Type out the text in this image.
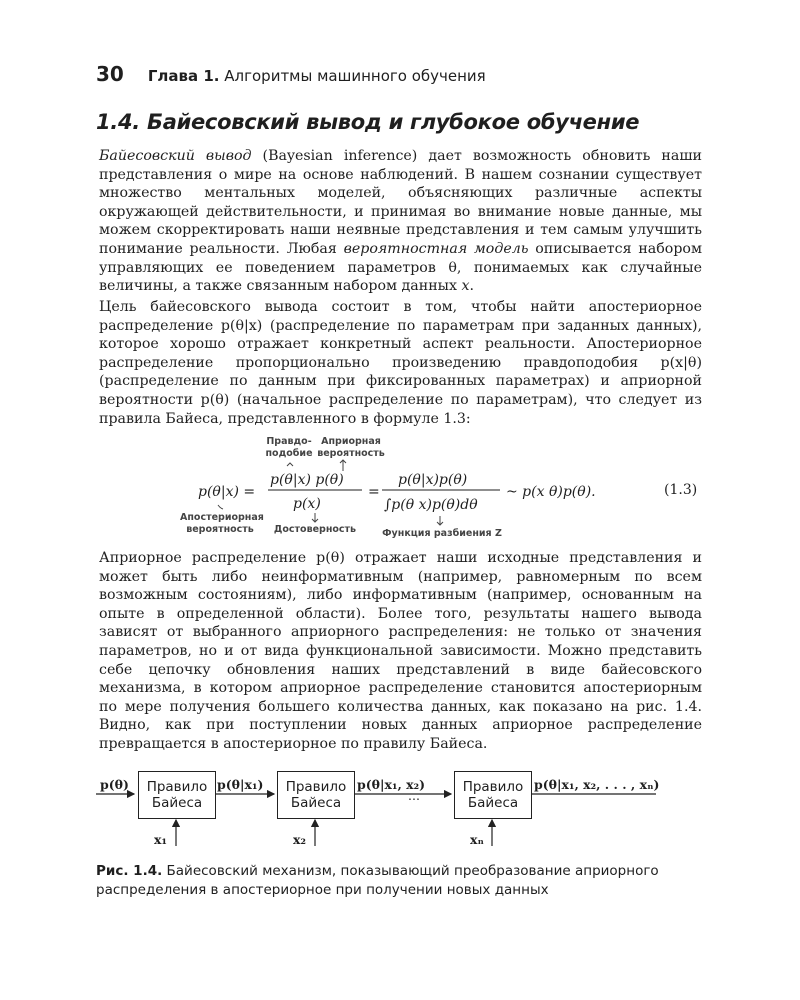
30 Глава 1. Алгоритмы машинного обучения
1.4. Байесовский вывод и глубокое обучение

Байесовский вывод (Bayesian inference) дает возможность обновить наши представления о мире на основе наблюдений. В нашем сознании существует множество ментальных моделей, объясняющих различные аспекты окружающей действительности, и принимая во внимание новые данные, мы можем скорректировать наши неявные представления и тем самым улучшить понимание реальности. Любая вероятностная модель описывается набором управляющих ее поведением параметров θ, понимаемых как случайные величины, а также связанным набором данных x.

Цель байесовского вывода состоит в том, чтобы найти апостериорное распределение p(θ|x) (распределение по параметрам при заданных данных), которое хорошо отражает конкретный аспект реальности. Апостериорное распределение пропорционально произведению правдоподобия p(x|θ) (распределение по данным при фиксированных параметрах) и априорной вероятности p(θ) (начальное распределение по параметрам), что следует из правила Байеса, представленного в формуле 1.3:

p(θ|x) =
p(θ|x) p(θ)
p(x)
=
p(θ|x)p(θ)
∫p(θ x)p(θ)dθ
~ p(x θ)p(θ).	(1.3)
Правдо-
подобие
Априорная
вероятность
Апостериорная
вероятность	Достоверность	Функция разбиения Z

Априорное распределение p(θ) отражает наши исходные представления и может быть либо неинформативным (например, равномерным по всем возможным состояниям), либо информативным (например, основанным на опыте в определенной области). Более того, результаты нашего вывода зависят от выбранного априорного распределения: не только от значения параметров, но и от вида функциональной зависимости. Можно представить себе цепочку обновления наших представлений в виде байесовского механизма, в котором априорное распределение становится апостериорным по мере получения большего количества данных, как показано на рис. 1.4. Видно, как при поступлении новых данных априорное распределение превращается в апостериорное по правилу Байеса.

Правило Байеса
Правило Байеса
Правило Байеса
p(θ)	p(θ|x₁)	p(θ|x₁, x₂)
...
p(θ|x₁, x₂, . . . , xₙ)
x₁	x₂	xₙ

Рис. 1.4. Байесовский механизм, показывающий преобразование априорного распределения в апостериорное при получении новых данных
